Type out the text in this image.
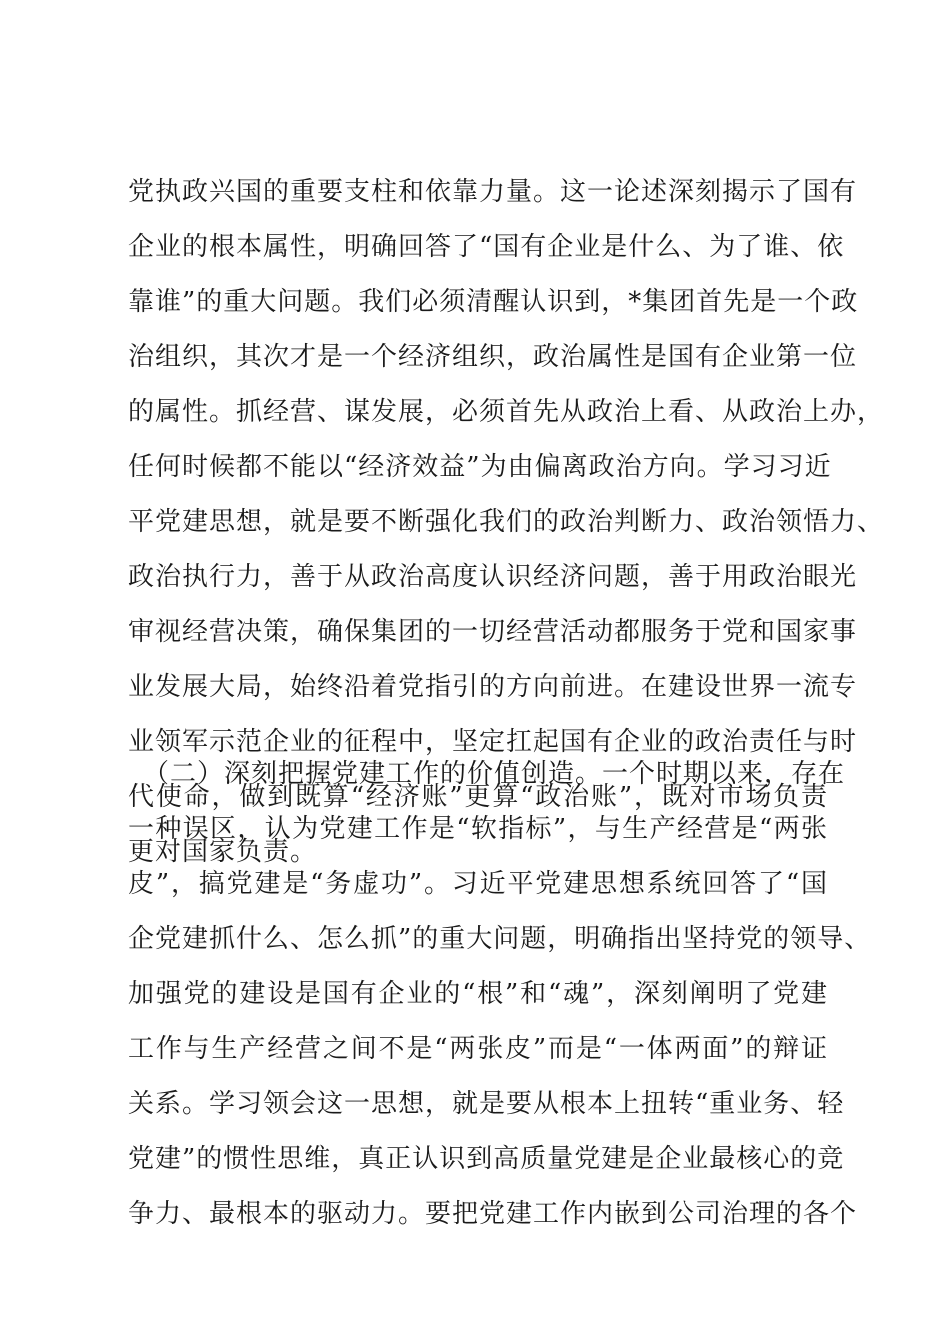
党执政兴国的重要支柱和依靠力量。这一论述深刻揭示了国有
企业的根本属性，明确回答了“国有企业是什么、为了谁、依
靠谁”的重大问题。我们必须清醒认识到，*集团首先是一个政
治组织，其次才是一个经济组织，政治属性是国有企业第一位
的属性。抓经营、谋发展，必须首先从政治上看、从政治上办，
任何时候都不能以“经济效益”为由偏离政治方向。学习习近
平党建思想，就是要不断强化我们的政治判断力、政治领悟力、
政治执行力，善于从政治高度认识经济问题，善于用政治眼光
审视经营决策，确保集团的一切经营活动都服务于党和国家事
业发展大局，始终沿着党指引的方向前进。在建设世界一流专
业领军示范企业的征程中，坚定扛起国有企业的政治责任与时
代使命，做到既算“经济账”更算“政治账”，既对市场负责
更对国家负责。
（二）深刻把握党建工作的价值创造。一个时期以来，存在
一种误区，认为党建工作是“软指标”，与生产经营是“两张
皮”，搞党建是“务虚功”。习近平党建思想系统回答了“国
企党建抓什么、怎么抓”的重大问题，明确指出坚持党的领导、
加强党的建设是国有企业的“根”和“魂”，深刻阐明了党建
工作与生产经营之间不是“两张皮”而是“一体两面”的辩证
关系。学习领会这一思想，就是要从根本上扭转“重业务、轻
党建”的惯性思维，真正认识到高质量党建是企业最核心的竞
争力、最根本的驱动力。要把党建工作内嵌到公司治理的各个
